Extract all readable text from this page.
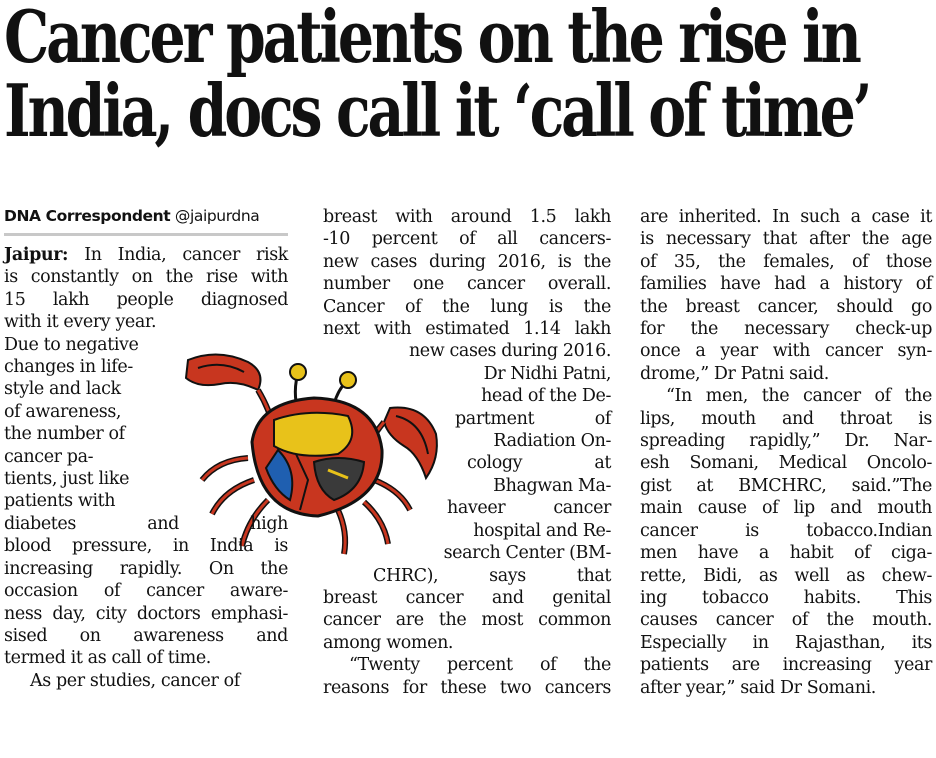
Cancer patients on the rise in
India, docs call it ‘call of time’
DNA Correspondent @jaipurdna
Jaipur: In India, cancer risk
is constantly on the rise with
15 lakh people diagnosed
with it every year.
Due to negative
changes in life-
style and lack
of awareness,
the number of
cancer pa-
tients, just like
patients with
diabetes and high
blood pressure, in India is
increasing rapidly. On the
occasion of cancer aware-
ness day, city doctors emphasi-
sised on awareness and
termed it as call of time.
As per studies, cancer of
breast with around 1.5 lakh
-10 percent of all cancers-
new cases during 2016, is the
number one cancer overall.
Cancer of the lung is the
next with estimated 1.14 lakh
new cases during 2016.
Dr Nidhi Patni,
head of the De-
partment of
Radiation On-
cology at
Bhagwan Ma-
haveer cancer
hospital and Re-
search Center (BM-
CHRC), says that
breast cancer and genital
cancer are the most common
among women.
“Twenty percent of the
reasons for these two cancers
are inherited. In such a case it
is necessary that after the age
of 35, the females, of those
families have had a history of
the breast cancer, should go
for the necessary check-up
once a year with cancer syn-
drome,” Dr Patni said.
“In men, the cancer of the
lips, mouth and throat is
spreading rapidly,” Dr. Nar-
esh Somani, Medical Oncolo-
gist at BMCHRC, said.”The
main cause of lip and mouth
cancer is tobacco.Indian
men have a habit of ciga-
rette, Bidi, as well as chew-
ing tobacco habits. This
causes cancer of the mouth.
Especially in Rajasthan, its
patients are increasing year
after year,” said Dr Somani.
